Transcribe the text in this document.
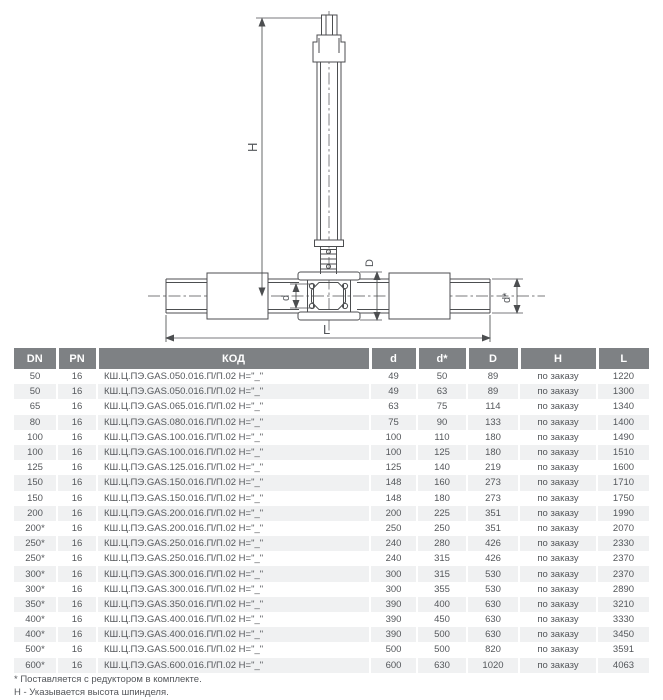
H
d
D
d*
L
DN	PN	КОД	d	d*	D	H	L
50	16	КШ.Ц.ПЭ.GAS.050.016.П/П.02 Н="_"	49	50	89	по заказу	1220
50	16	КШ.Ц.ПЭ.GAS.050.016.П/П.02 Н="_"	49	63	89	по заказу	1300
65	16	КШ.Ц.ПЭ.GAS.065.016.П/П.02 Н="_"	63	75	114	по заказу	1340
80	16	КШ.Ц.ПЭ.GAS.080.016.П/П.02 Н="_"	75	90	133	по заказу	1400
100	16	КШ.Ц.ПЭ.GAS.100.016.П/П.02 Н="_"	100	110	180	по заказу	1490
100	16	КШ.Ц.ПЭ.GAS.100.016.П/П.02 Н="_"	100	125	180	по заказу	1510
125	16	КШ.Ц.ПЭ.GAS.125.016.П/П.02 Н="_"	125	140	219	по заказу	1600
150	16	КШ.Ц.ПЭ.GAS.150.016.П/П.02 Н="_"	148	160	273	по заказу	1710
150	16	КШ.Ц.ПЭ.GAS.150.016.П/П.02 Н="_"	148	180	273	по заказу	1750
200	16	КШ.Ц.ПЭ.GAS.200.016.П/П.02 Н="_"	200	225	351	по заказу	1990
200*	16	КШ.Ц.ПЭ.GAS.200.016.П/П.02 Н="_"	250	250	351	по заказу	2070
250*	16	КШ.Ц.ПЭ.GAS.250.016.П/П.02 Н="_"	240	280	426	по заказу	2330
250*	16	КШ.Ц.ПЭ.GAS.250.016.П/П.02 Н="_"	240	315	426	по заказу	2370
300*	16	КШ.Ц.ПЭ.GAS.300.016.П/П.02 Н="_"	300	315	530	по заказу	2370
300*	16	КШ.Ц.ПЭ.GAS.300.016.П/П.02 Н="_"	300	355	530	по заказу	2890
350*	16	КШ.Ц.ПЭ.GAS.350.016.П/П.02 Н="_"	390	400	630	по заказу	3210
400*	16	КШ.Ц.ПЭ.GAS.400.016.П/П.02 Н="_"	390	450	630	по заказу	3330
400*	16	КШ.Ц.ПЭ.GAS.400.016.П/П.02 Н="_"	390	500	630	по заказу	3450
500*	16	КШ.Ц.ПЭ.GAS.500.016.П/П.02 Н="_"	500	500	820	по заказу	3591
600*	16	КШ.Ц.ПЭ.GAS.600.016.П/П.02 Н="_"	600	630	1020	по заказу	4063
* Поставляется с редуктором в комплекте.
Н - Указывается высота шпинделя.
